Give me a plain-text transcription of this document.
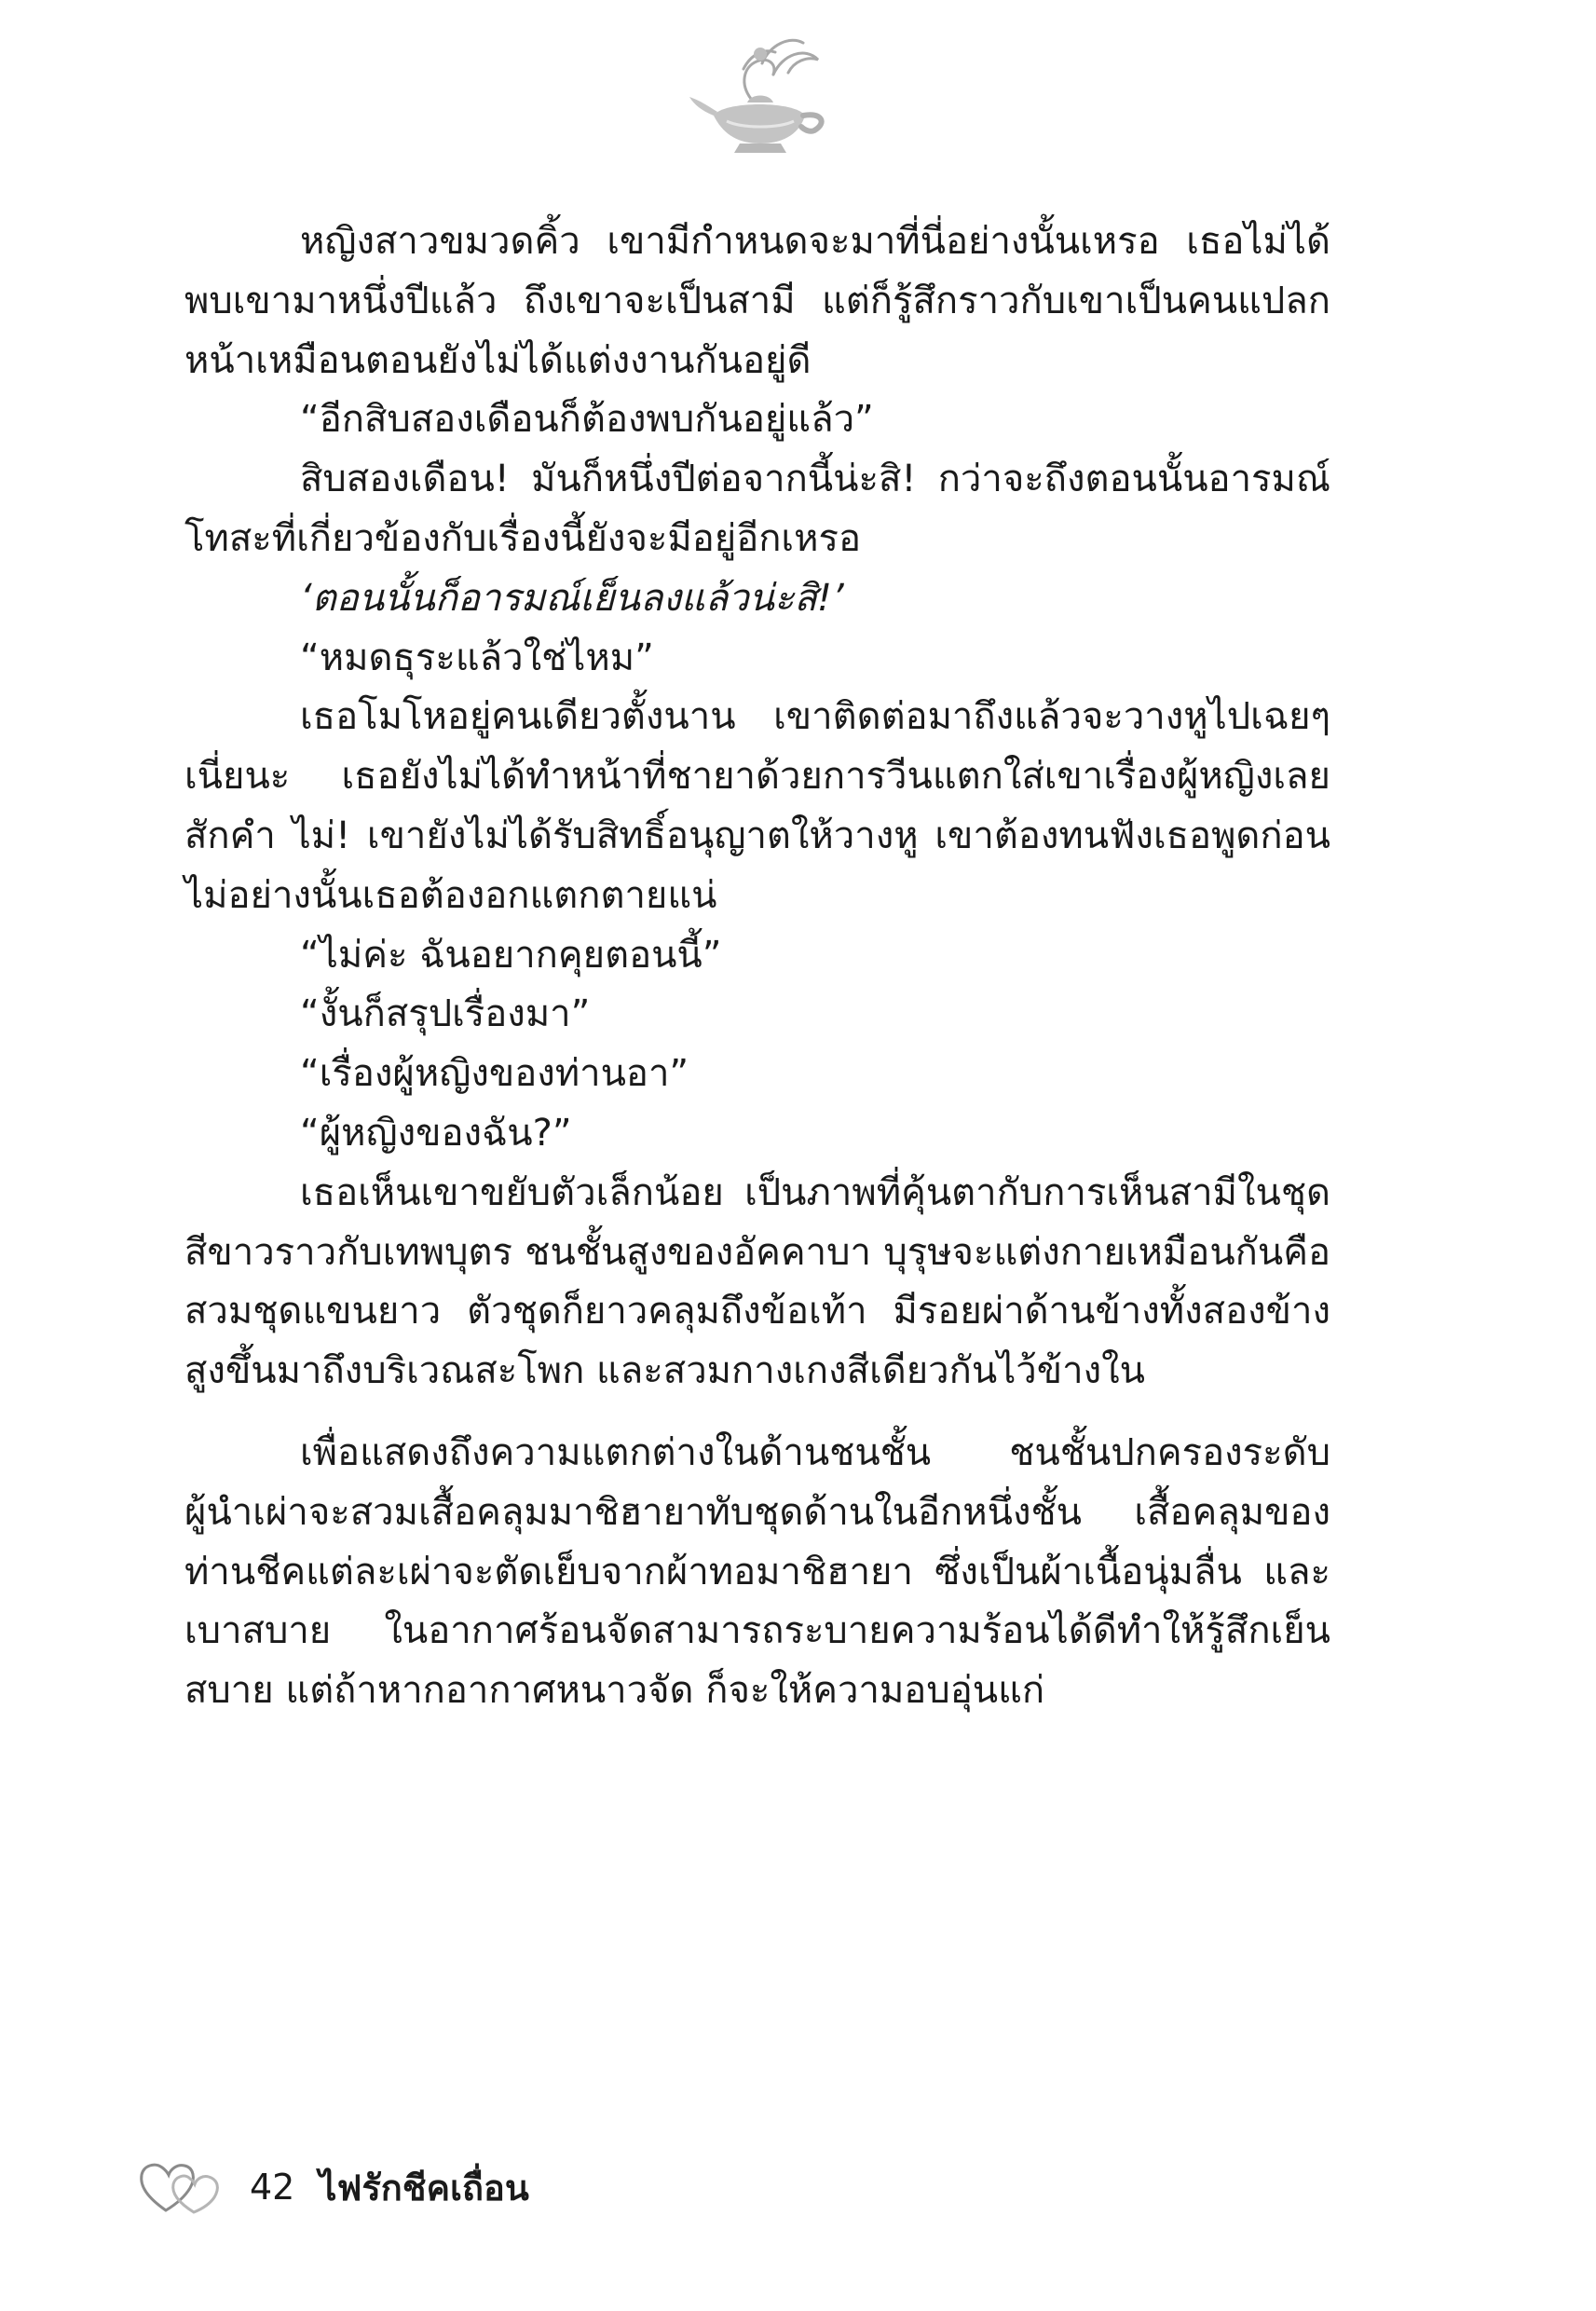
หญิงสาวขมวดคิ้ว เขามีกำหนดจะมาที่นี่อย่างนั้นเหรอ เธอไม่ได้พบเขามาหนึ่งปีแล้ว ถึงเขาจะเป็นสามี แต่ก็รู้สึกราวกับเขาเป็นคนแปลกหน้าเหมือนตอนยังไม่ได้แต่งงานกันอยู่ดี

“อีกสิบสองเดือนก็ต้องพบกันอยู่แล้ว”

สิบสองเดือน! มันก็หนึ่งปีต่อจากนี้น่ะสิ! กว่าจะถึงตอนนั้นอารมณ์โทสะที่เกี่ยวข้องกับเรื่องนี้ยังจะมีอยู่อีกเหรอ

‘ตอนนั้นก็อารมณ์เย็นลงแล้วน่ะสิ!’

“หมดธุระแล้วใช่ไหม”

เธอโมโหอยู่คนเดียวตั้งนาน เขาติดต่อมาถึงแล้วจะวางหูไปเฉยๆ เนี่ยนะ เธอยังไม่ได้ทำหน้าที่ชายาด้วยการวีนแตกใส่เขาเรื่องผู้หญิงเลยสักคำ ไม่! เขายังไม่ได้รับสิทธิ์อนุญาตให้วางหู เขาต้องทนฟังเธอพูดก่อน ไม่อย่างนั้นเธอต้องอกแตกตายแน่

“ไม่ค่ะ ฉันอยากคุยตอนนี้”

“งั้นก็สรุปเรื่องมา”

“เรื่องผู้หญิงของท่านอา”

“ผู้หญิงของฉัน?”

เธอเห็นเขาขยับตัวเล็กน้อย เป็นภาพที่คุ้นตากับการเห็นสามีในชุดสีขาวราวกับเทพบุตร ชนชั้นสูงของอัคคาบา บุรุษจะแต่งกายเหมือนกันคือสวมชุดแขนยาว ตัวชุดก็ยาวคลุมถึงข้อเท้า มีรอยผ่าด้านข้างทั้งสองข้างสูงขึ้นมาถึงบริเวณสะโพก และสวมกางเกงสีเดียวกันไว้ข้างใน

เพื่อแสดงถึงความแตกต่างในด้านชนชั้น ชนชั้นปกครองระดับผู้นำเผ่าจะสวมเสื้อคลุมมาชิฮายาทับชุดด้านในอีกหนึ่งชั้น เสื้อคลุมของท่านชีคแต่ละเผ่าจะตัดเย็บจากผ้าทอมาชิฮายา ซึ่งเป็นผ้าเนื้อนุ่มลื่น และเบาสบาย ในอากาศร้อนจัดสามารถระบายความร้อนได้ดีทำให้รู้สึกเย็นสบาย แต่ถ้าหากอากาศหนาวจัด ก็จะให้ความอบอุ่นแก่

42 ไฟรักชีคเถื่อน
